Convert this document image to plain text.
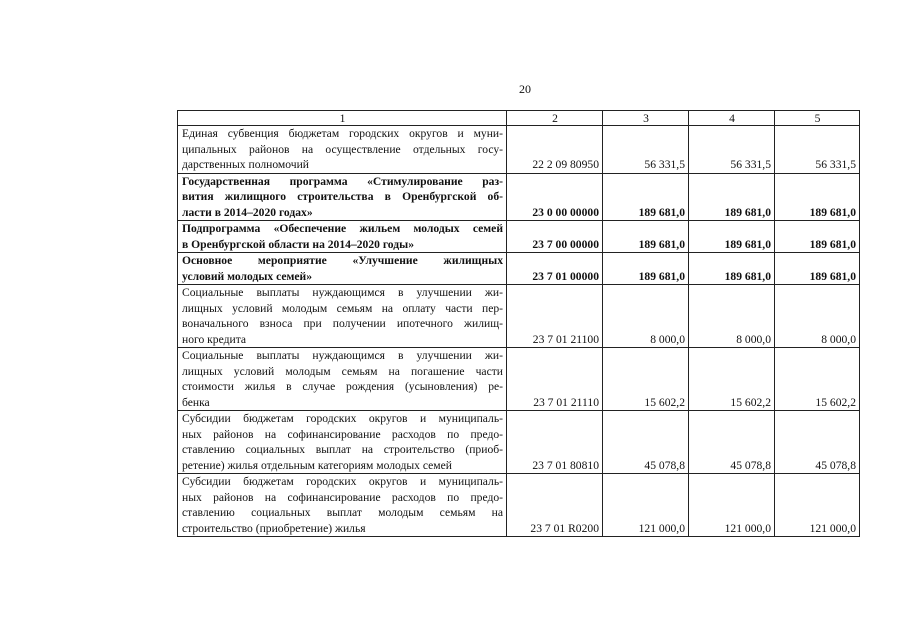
20
1	2	3	4	5

Единая субвенция бюджетам городских округов и муни-
ципальных районов на осуществление отдельных госу-
дарственных полномочий	22 2 09 80950	56 331,5	56 331,5	56 331,5

Государственная программа «Стимулирование раз-
вития жилищного строительства в Оренбургской об-
ласти в 2014–2020 годах»	23 0 00 00000	189 681,0	189 681,0	189 681,0

Подпрограмма «Обеспечение жильем молодых семей
в Оренбургской области на 2014–2020 годы»	23 7 00 00000	189 681,0	189 681,0	189 681,0

Основное мероприятие «Улучшение жилищных
условий молодых семей»	23 7 01 00000	189 681,0	189 681,0	189 681,0

Социальные выплаты нуждающимся в улучшении жи-
лищных условий молодым семьям на оплату части пер-
воначального взноса при получении ипотечного жилищ-
ного кредита	23 7 01 21100	8 000,0	8 000,0	8 000,0

Социальные выплаты нуждающимся в улучшении жи-
лищных условий молодым семьям на погашение части
стоимости жилья в случае рождения (усыновления) ре-
бенка	23 7 01 21110	15 602,2	15 602,2	15 602,2

Субсидии бюджетам городских округов и муниципаль-
ных районов на софинансирование расходов по предо-
ставлению социальных выплат на строительство (приоб-
ретение) жилья отдельным категориям молодых семей	23 7 01 80810	45 078,8	45 078,8	45 078,8

Субсидии бюджетам городских округов и муниципаль-
ных районов на софинансирование расходов по предо-
ставлению социальных выплат молодым семьям на
строительство (приобретение) жилья	23 7 01 R0200	121 000,0	121 000,0	121 000,0
